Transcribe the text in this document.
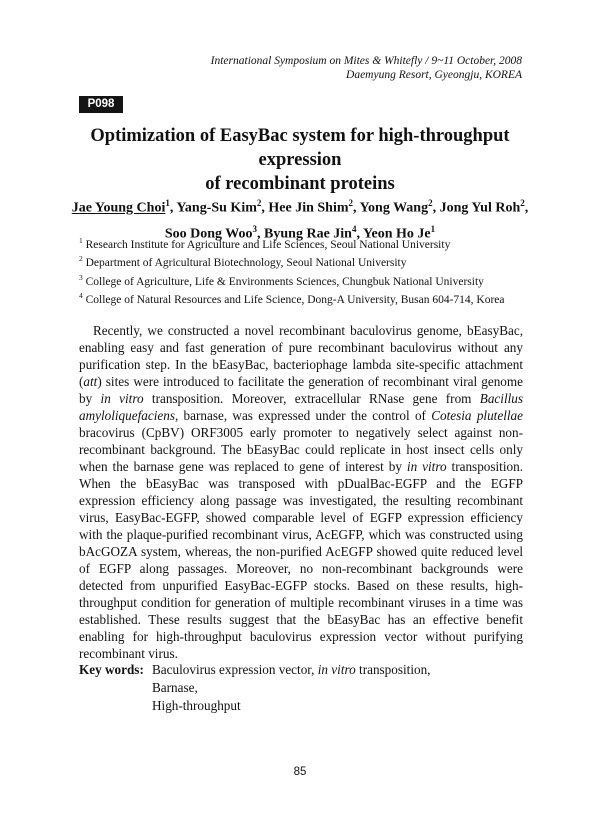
International Symposium on Mites & Whitefly / 9~11 October, 2008
Daemyung Resort, Gyeongju, KOREA
P098
Optimization of EasyBac system for high-throughput expression
of recombinant proteins
Jae Young Choi$^1$, Yang-Su Kim$^2$, Hee Jin Shim$^2$, Yong Wang$^2$, Jong Yul Roh$^2$,
Soo Dong Woo$^3$, Byung Rae Jin$^4$, Yeon Ho Je$^1$
$^1$ Research Institute for Agriculture and Life Sciences, Seoul National University
$^2$ Department of Agricultural Biotechnology, Seoul National University
$^3$ College of Agriculture, Life & Environments Sciences, Chungbuk National University
$^4$ College of Natural Resources and Life Science, Dong-A University, Busan 604-714, Korea

Recently, we constructed a novel recombinant baculovirus genome, bEasyBac, enabling easy and fast generation of pure recombinant baculovirus without any purification step. In the bEasyBac, bacteriophage lambda site-specific attachment (att) sites were introduced to facilitate the generation of recombinant viral genome by in vitro transposition. Moreover, extracellular RNase gene from Bacillus amyloliquefaciens, barnase, was expressed under the control of Cotesia plutellae bracovirus (CpBV) ORF3005 early promoter to negatively select against non-recombinant background. The bEasyBac could replicate in host insect cells only when the barnase gene was replaced to gene of interest by in vitro transposition. When the bEasyBac was transposed with pDualBac-EGFP and the EGFP expression efficiency along passage was investigated, the resulting recombinant virus, EasyBac-EGFP, showed comparable level of EGFP expression efficiency with the plaque-purified recombinant virus, AcEGFP, which was constructed using bAcGOZA system, whereas, the non-purified AcEGFP showed quite reduced level of EGFP along passages. Moreover, no non-recombinant backgrounds were detected from unpurified EasyBac-EGFP stocks. Based on these results, high-throughput condition for generation of multiple recombinant viruses in a time was established. These results suggest that the bEasyBac has an effective benefit enabling for high-throughput baculovirus expression vector without purifying recombinant virus.

Key words: Baculovirus expression vector, in vitro transposition, Barnase,
High-throughput
85
